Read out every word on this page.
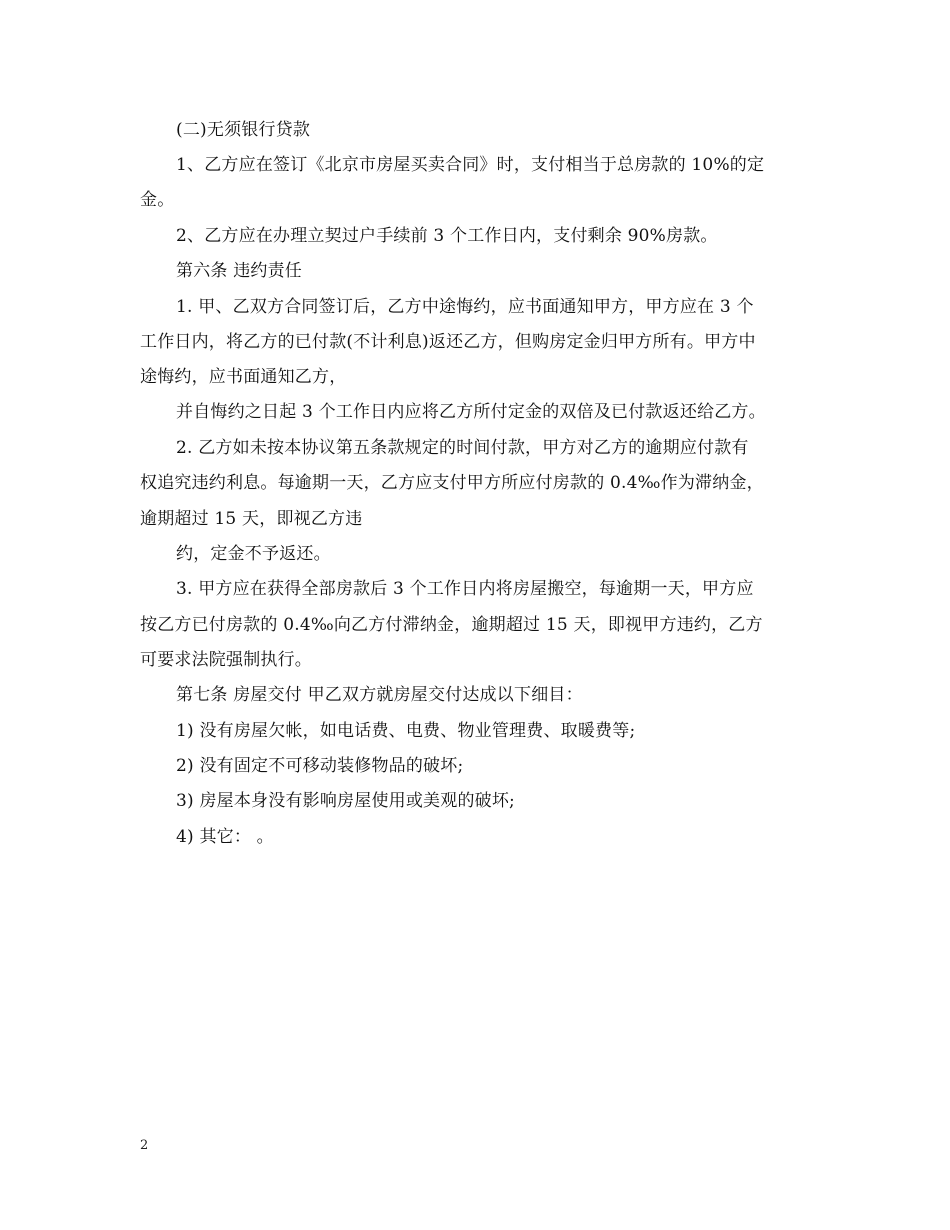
(二)无须银行贷款
1、乙方应在签订《北京市房屋买卖合同》时，支付相当于总房款的 10%的定
金。
2、乙方应在办理立契过户手续前 3 个工作日内，支付剩余 90%房款。
第六条 违约责任
1. 甲、乙双方合同签订后，乙方中途悔约，应书面通知甲方，甲方应在 3 个
工作日内，将乙方的已付款(不计利息)返还乙方，但购房定金归甲方所有。甲方中
途悔约，应书面通知乙方，
并自悔约之日起 3 个工作日内应将乙方所付定金的双倍及已付款返还给乙方。
2. 乙方如未按本协议第五条款规定的时间付款，甲方对乙方的逾期应付款有
权追究违约利息。每逾期一天，乙方应支付甲方所应付房款的 0.4‰作为滞纳金，
逾期超过 15 天，即视乙方违
约，定金不予返还。
3. 甲方应在获得全部房款后 3 个工作日内将房屋搬空，每逾期一天，甲方应
按乙方已付房款的 0.4‰向乙方付滞纳金，逾期超过 15 天，即视甲方违约，乙方
可要求法院强制执行。
第七条 房屋交付 甲乙双方就房屋交付达成以下细目：
1) 没有房屋欠帐，如电话费、电费、物业管理费、取暖费等;
2) 没有固定不可移动装修物品的破坏;
3) 房屋本身没有影响房屋使用或美观的破坏;
4) 其它： 。
2
